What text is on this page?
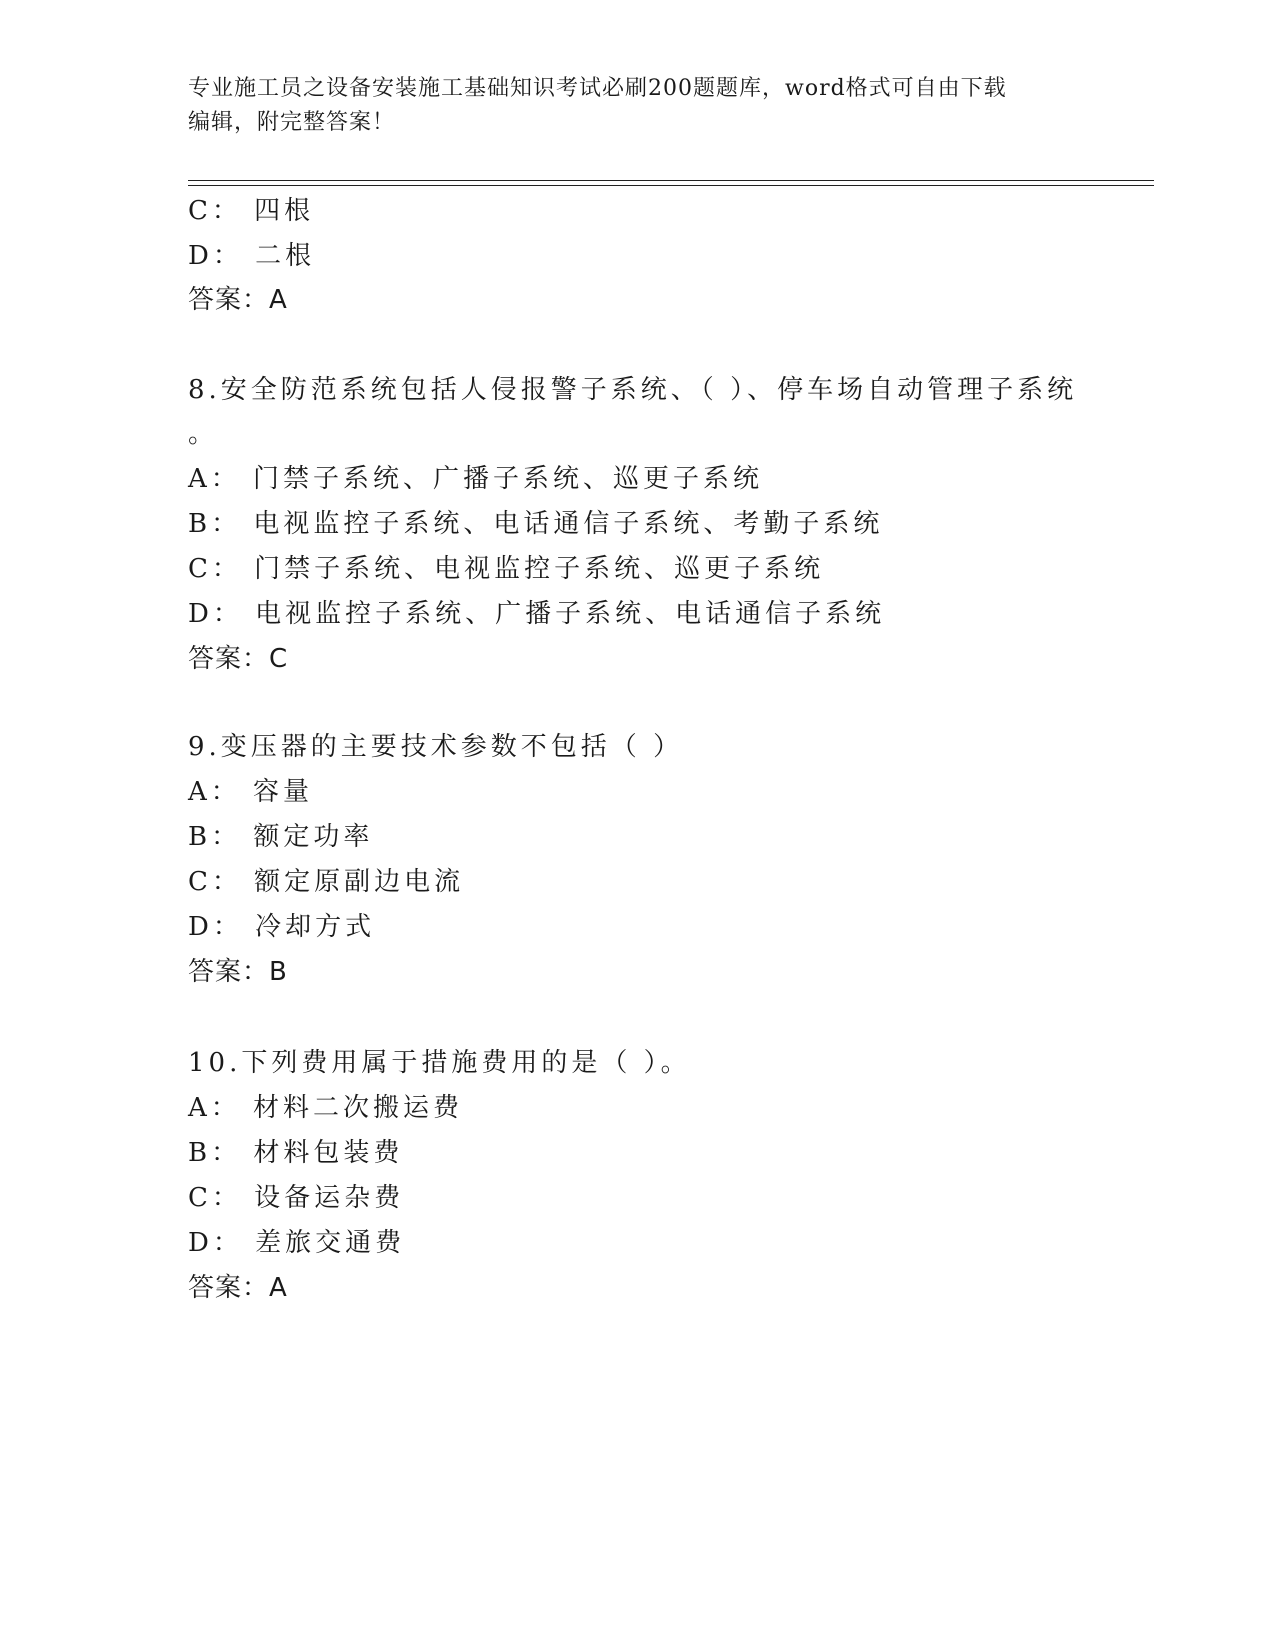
专业施工员之设备安装施工基础知识考试必刷200题题库，word格式可自由下载
编辑，附完整答案！
C： 四根
D： 二根
答案：A
8.安全防范系统包括人侵报警子系统、（ ）、停车场自动管理子系统
。
A： 门禁子系统、广播子系统、巡更子系统
B： 电视监控子系统、电话通信子系统、考勤子系统
C： 门禁子系统、电视监控子系统、巡更子系统
D： 电视监控子系统、广播子系统、电话通信子系统
答案：C
9.变压器的主要技术参数不包括（ ）
A： 容量
B： 额定功率
C： 额定原副边电流
D： 冷却方式
答案：B
10.下列费用属于措施费用的是（ ）。
A： 材料二次搬运费
B： 材料包装费
C： 设备运杂费
D： 差旅交通费
答案：A
